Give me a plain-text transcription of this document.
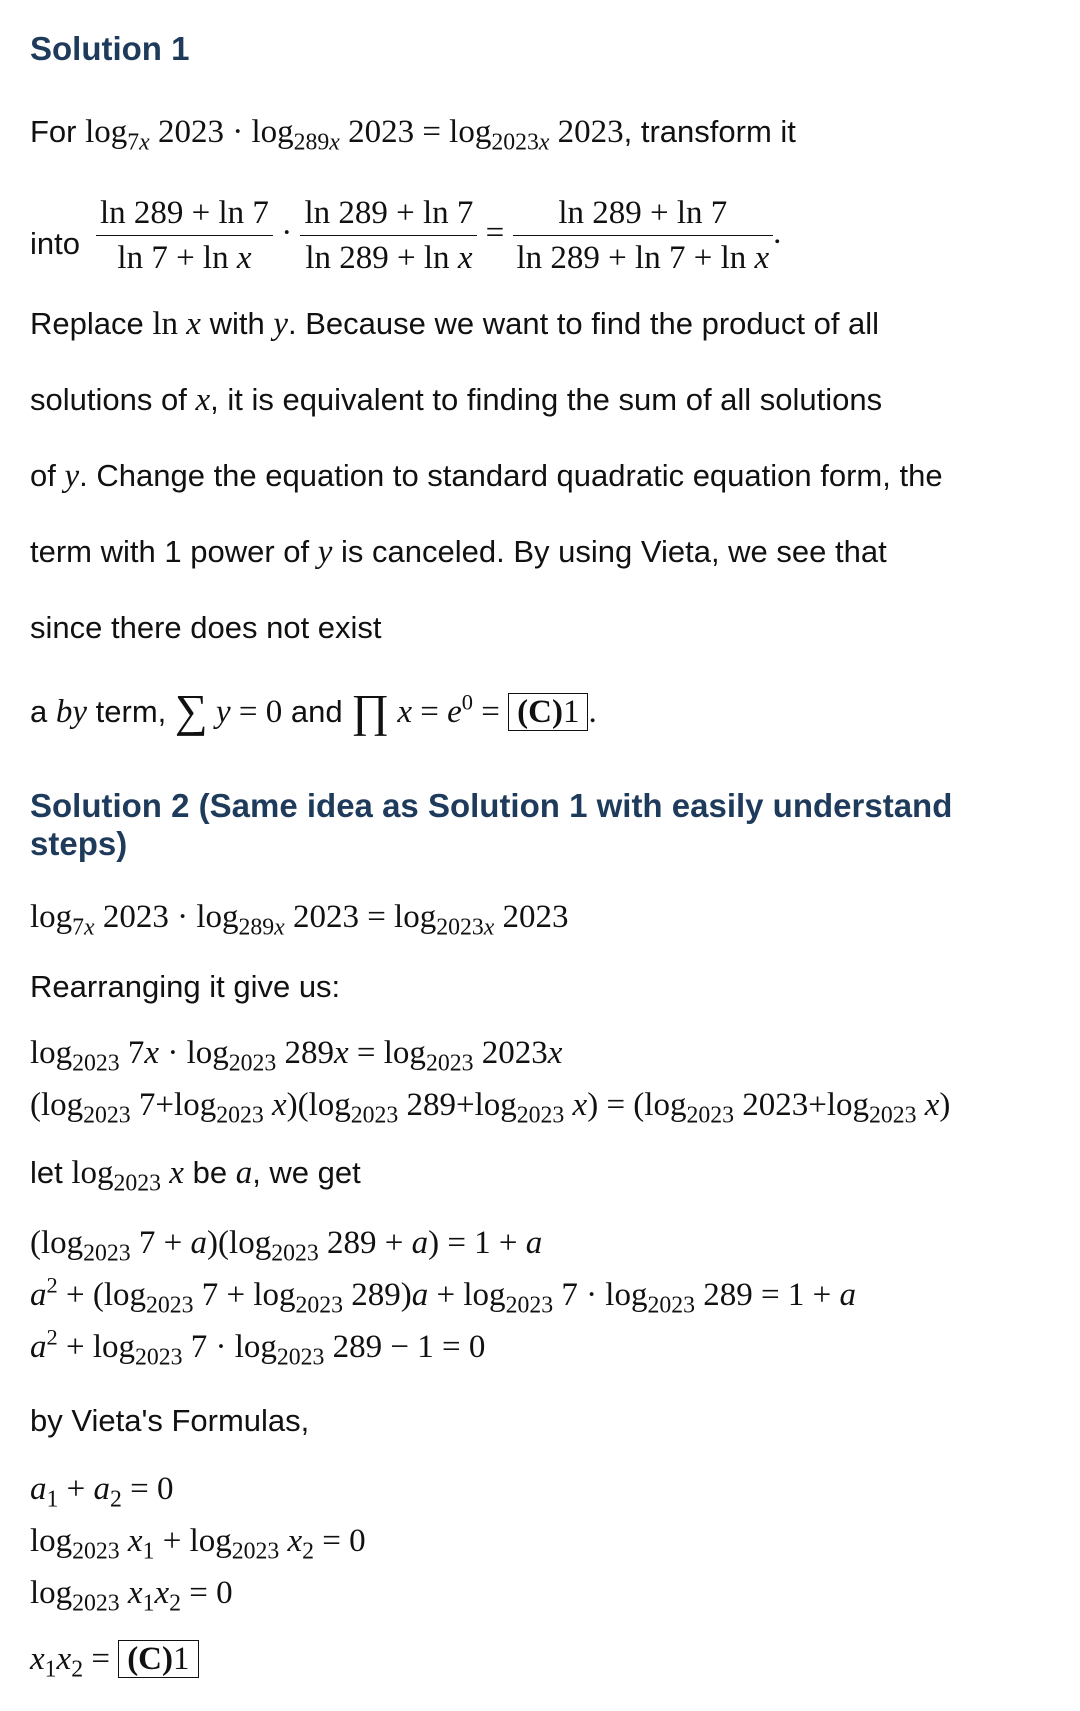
Solution 1
For $\log_{7x} 2023 \cdot \log_{289x} 2023 = \log_{2023x} 2023$, transform it
into $\frac{\ln 289 + \ln 7}{\text{ln 7 + ln x}} \cdot \frac{\ln 289 + \ln 7}{\text{ln 289 + ln x}} = \frac{\ln 289 + \ln 7}{\text{ln 289 + ln 7 + ln x}}$ .
Replace ln x with y. Because we want to find the product of all
solutions of x, it is equivalent to finding the sum of all solutions
of y. Change the equation to standard quadratic equation form, the
term with 1 power of y is canceled. By using Vieta, we see that
since there does not exist
a by term, ∑ y = 0 and ∏ $x = e^0 = (C)1$ .
Solution 2 (Same idea as Solution 1 with easily understand steps)
$\log_{7x} 2023 \cdot \log_{289x} 2023 = \log_{2023x} 2023$
Rearranging it give us:
$\log_{2023} 7x \cdot \log_{2023} 289x = \log_{2023} 2023x$
($\log_{2023}$ $7+\log_{2023}$ $x)(\log_{2023}$ $289+\log_{2023}$ $x) = (\log_{2023}$ $2023+\log_{2023}$ x)
let $\log_{2023} x$ be a, we get
($\log_{2023}$ $7 + a)(\log_{2023}$ 289 + a) = 1 + a
$a^2 + (\log_{2023}$ $7 + \log_{2023} 289)a + \log_{2023} 7 \cdot \log_{2023} 289 = 1 + a$
$a^2 + \log_{2023} 7 \cdot \log_{2023} 289 - 1 = 0$
by Vieta's Formulas,
$a_1 + a_2 = 0$
$\log_{2023} x_1 + \log_{2023} x_2 = 0$
$\log_{2023} x_1x_2 = 0$
$x_1x_2 = (C)1$
